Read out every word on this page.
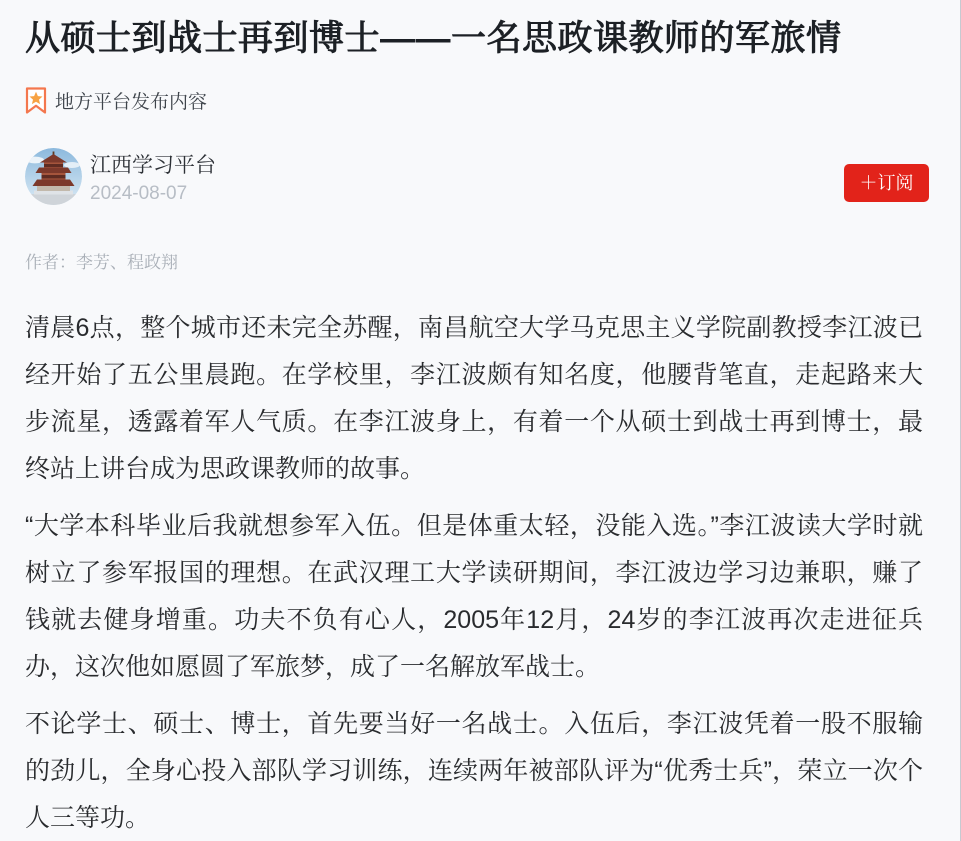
从硕士到战士再到博士——一名思政课教师的军旅情
地方平台发布内容
江西学习平台
2024-08-07	＋订阅
作者：李芳、程政翔

清晨6点，整个城市还未完全苏醒，南昌航空大学马克思主义学院副教授李江波已经开始了五公里晨跑。在学校里，李江波颇有知名度，他腰背笔直，走起路来大步流星，透露着军人气质。在李江波身上，有着一个从硕士到战士再到博士，最终站上讲台成为思政课教师的故事。

“大学本科毕业后我就想参军入伍。但是体重太轻，没能入选。”李江波读大学时就树立了参军报国的理想。在武汉理工大学读研期间，李江波边学习边兼职，赚了钱就去健身增重。功夫不负有心人，2005年12月，24岁的李江波再次走进征兵办，这次他如愿圆了军旅梦，成了一名解放军战士。

不论学士、硕士、博士，首先要当好一名战士。入伍后，李江波凭着一股不服输的劲儿，全身心投入部队学习训练，连续两年被部队评为“优秀士兵”，荣立一次个人三等功。
